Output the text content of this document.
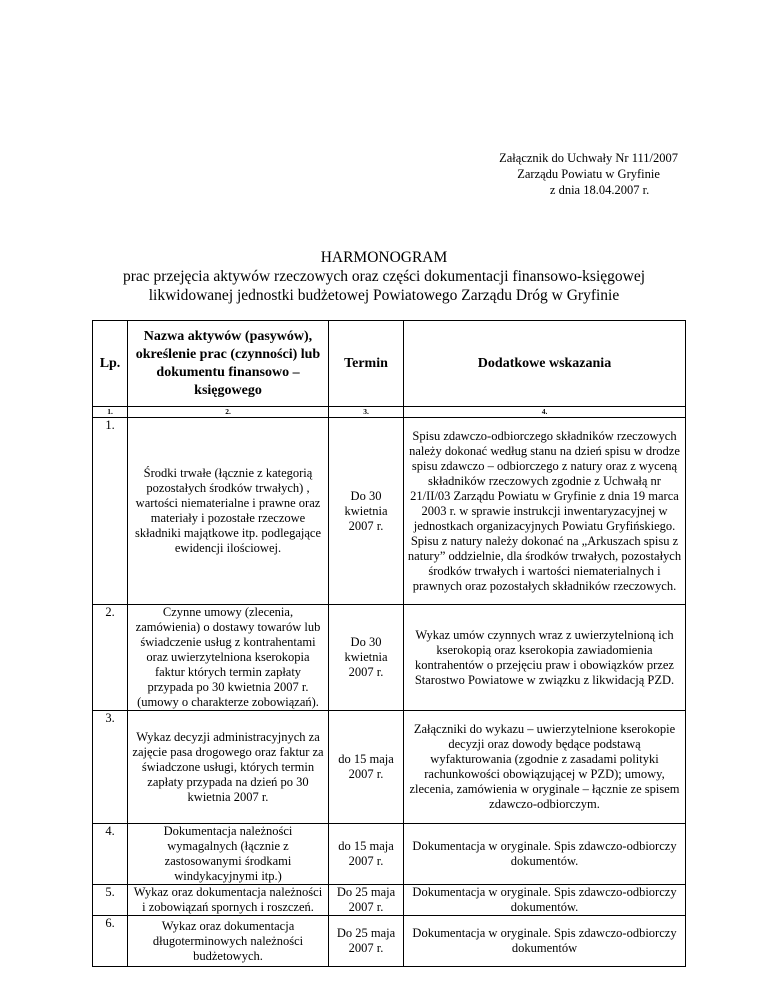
Załącznik do Uchwały Nr 111/2007
Zarządu Powiatu w Gryfinie
z dnia 18.04.2007 r.
HARMONOGRAM
prac przejęcia aktywów rzeczowych oraz części dokumentacji finansowo-księgowej
likwidowanej jednostki budżetowej Powiatowego Zarządu Dróg w Gryfinie
Lp.	Nazwa aktywów (pasywów), określenie prac (czynności) lub dokumentu finansowo – księgowego	Termin	Dodatkowe wskazania
1.	2.	3.	4.
1.	Środki trwałe (łącznie z kategorią pozostałych środków trwałych) , wartości niematerialne i prawne oraz materiały i pozostałe rzeczowe składniki majątkowe itp. podlegające ewidencji ilościowej.	Do 30 kwietnia 2007 r.	Spisu zdawczo-odbiorczego składników rzeczowych należy dokonać według stanu na dzień spisu w drodze spisu zdawczo – odbiorczego z natury oraz z wyceną składników rzeczowych zgodnie z Uchwałą nr 21/II/03 Zarządu Powiatu w Gryfinie z dnia 19 marca 2003 r. w sprawie instrukcji inwentaryzacyjnej w jednostkach organizacyjnych Powiatu Gryfińskiego. Spisu z natury należy dokonać na „Arkuszach spisu z natury” oddzielnie, dla środków trwałych, pozostałych środków trwałych i wartości niematerialnych i prawnych oraz pozostałych składników rzeczowych.
2.	Czynne umowy (zlecenia, zamówienia) o dostawy towarów lub świadczenie usług z kontrahentami oraz uwierzytelniona kserokopia faktur których termin zapłaty przypada po 30 kwietnia 2007 r. (umowy o charakterze zobowiązań).	Do 30 kwietnia 2007 r.	Wykaz umów czynnych wraz z uwierzytelnioną ich kserokopią oraz kserokopia zawiadomienia kontrahentów o przejęciu praw i obowiązków przez Starostwo Powiatowe w związku z likwidacją PZD.
3.	Wykaz decyzji administracyjnych za zajęcie pasa drogowego oraz faktur za świadczone usługi, których termin zapłaty przypada na dzień po 30 kwietnia 2007 r.	do 15 maja 2007 r.	Załączniki do wykazu – uwierzytelnione kserokopie decyzji oraz dowody będące podstawą wyfakturowania (zgodnie z zasadami polityki rachunkowości obowiązującej w PZD); umowy, zlecenia, zamówienia w oryginale – łącznie ze spisem zdawczo-odbiorczym.
4.	Dokumentacja należności wymagalnych (łącznie z zastosowanymi środkami windykacyjnymi itp.)	do 15 maja 2007 r.	Dokumentacja w oryginale. Spis zdawczo-odbiorczy dokumentów.
5.	Wykaz oraz dokumentacja należności i zobowiązań spornych i roszczeń.	Do 25 maja 2007 r.	Dokumentacja w oryginale. Spis zdawczo-odbiorczy dokumentów.
6.	Wykaz oraz dokumentacja długoterminowych należności budżetowych.	Do 25 maja 2007 r.	Dokumentacja w oryginale. Spis zdawczo-odbiorczy dokumentów
